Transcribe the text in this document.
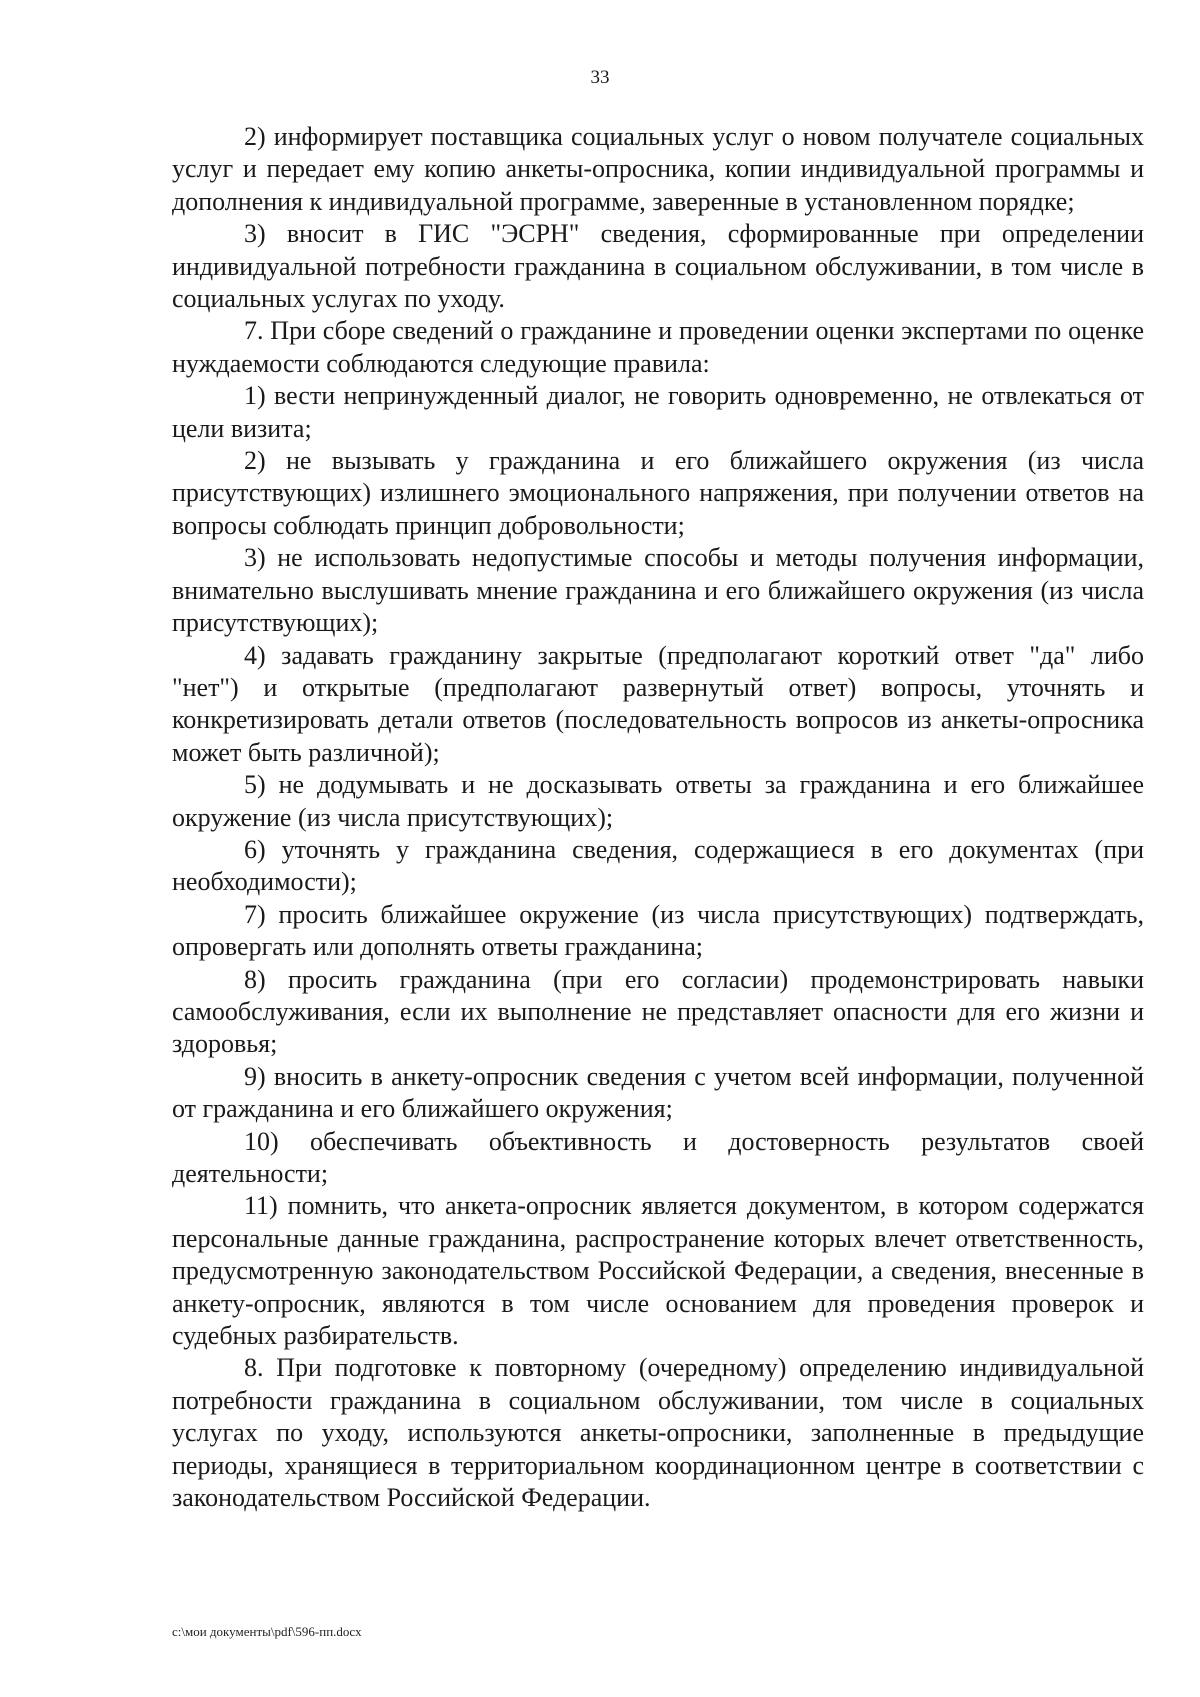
33

2) информирует поставщика социальных услуг о новом получателе социальных услуг и передает ему копию анкеты-опросника, копии индивидуальной программы и дополнения к индивидуальной программе, заверенные в установленном порядке;

3) вносит в ГИС "ЭСРН" сведения, сформированные при определении индивидуальной потребности гражданина в социальном обслуживании, в том числе в социальных услугах по уходу.

7. При сборе сведений о гражданине и проведении оценки экспертами по оценке нуждаемости соблюдаются следующие правила:

1) вести непринужденный диалог, не говорить одновременно, не отвлекаться от цели визита;

2) не вызывать у гражданина и его ближайшего окружения (из числа присутствующих) излишнего эмоционального напряжения, при получении ответов на вопросы соблюдать принцип добровольности;

3) не использовать недопустимые способы и методы получения информации, внимательно выслушивать мнение гражданина и его ближайшего окружения (из числа присутствующих);

4) задавать гражданину закрытые (предполагают короткий ответ "да" либо "нет") и открытые (предполагают развернутый ответ) вопросы, уточнять и конкретизировать детали ответов (последовательность вопросов из анкеты-опросника может быть различной);

5) не додумывать и не досказывать ответы за гражданина и его ближайшее окружение (из числа присутствующих);

6) уточнять у гражданина сведения, содержащиеся в его документах (при необходимости);

7) просить ближайшее окружение (из числа присутствующих) подтверждать, опровергать или дополнять ответы гражданина;

8) просить гражданина (при его согласии) продемонстрировать навыки самообслуживания, если их выполнение не представляет опасности для его жизни и здоровья;

9) вносить в анкету-опросник сведения с учетом всей информации, полученной от гражданина и его ближайшего окружения;

10) обеспечивать объективность и достоверность результатов своей деятельности;

11) помнить, что анкета-опросник является документом, в котором содержатся персональные данные гражданина, распространение которых влечет ответственность, предусмотренную законодательством Российской Федерации, а сведения, внесенные в анкету-опросник, являются в том числе основанием для проведения проверок и судебных разбирательств.

8. При подготовке к повторному (очередному) определению индивидуальной потребности гражданина в социальном обслуживании, том числе в социальных услугах по уходу, используются анкеты-опросники, заполненные в предыдущие периоды, хранящиеся в территориальном координационном центре в соответствии с законодательством Российской Федерации.

c:\мои документы\pdf\596-пп.docx
